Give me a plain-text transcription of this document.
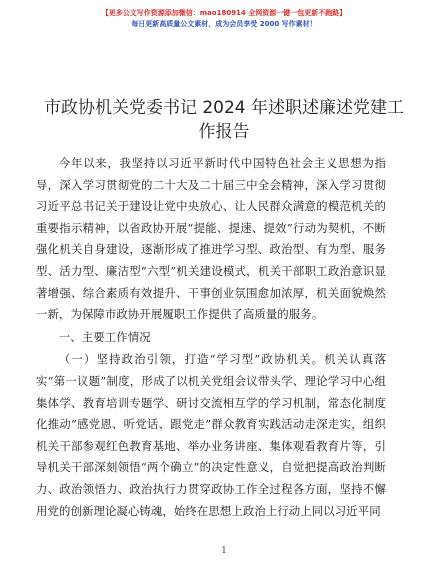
【更多公文写作资源添加微信：mao180914 全网资源一键一包更新不跑路】
每日更新高质量公文素材，成为会员享受 2000 写作素材！
市政协机关党委书记 2024 年述职述廉述党建工作报告

今年以来，我坚持以习近平新时代中国特色社会主义思想为指导，深入学习贯彻党的二十大及二十届三中全会精神，深入学习贯彻习近平总书记关于建设让党中央放心、让人民群众满意的模范机关的重要指示精神，以省政协开展“提能、提速、提效”行动为契机，不断强化机关自身建设，逐渐形成了推进学习型、政治型、有为型、服务型、活力型、廉洁型“六型”机关建设模式，机关干部职工政治意识显著增强、综合素质有效提升、干事创业氛围愈加浓厚，机关面貌焕然一新，为保障市政协开展履职工作提供了高质量的服务。

一、主要工作情况

（一）坚持政治引领，打造“学习型”政协机关。机关认真落实“第一议题”制度，形成了以机关党组会议带头学、理论学习中心组集体学、教育培训专题学、研讨交流相互学的学习机制，常态化制度化推动“感党恩、听党话、跟党走”群众教育实践活动走深走实，组织机关干部参观红色教育基地、举办业务讲座、集体观看教育片等，引导机关干部深刻领悟“两个确立”的决定性意义，自觉把提高政治判断力、政治领悟力、政治执行力贯穿政协工作全过程各方面，坚持不懈用党的创新理论凝心铸魂，始终在思想上政治上行动上同以习近平同

1
